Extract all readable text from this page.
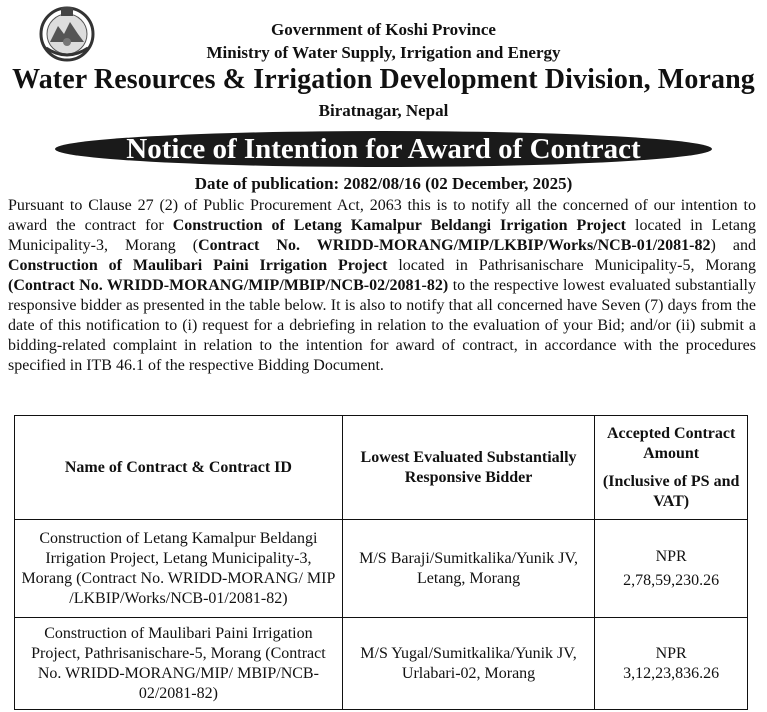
Government of Koshi Province
Ministry of Water Supply, Irrigation and Energy
Water Resources & Irrigation Development Division, Morang
Biratnagar, Nepal
Notice of Intention for Award of Contract
Date of publication: 2082/08/16 (02 December, 2025)

Pursuant to Clause 27 (2) of Public Procurement Act, 2063 this is to notify all the concerned of our intention to award the contract for Construction of Letang Kamalpur Beldangi Irrigation Project located in Letang Municipality-3, Morang (Contract No. WRIDD-MORANG/MIP/LKBIP/Works/NCB-01/2081-82) and Construction of Maulibari Paini Irrigation Project located in Pathrisanischare Municipality-5, Morang (Contract No. WRIDD-MORANG/MIP/MBIP/NCB-02/2081-82) to the respective lowest evaluated substantially responsive bidder as presented in the table below. It is also to notify that all concerned have Seven (7) days from the date of this notification to (i) request for a debriefing in relation to the evaluation of your Bid; and/or (ii) submit a bidding-related complaint in relation to the intention for award of contract, in accordance with the procedures specified in ITB 46.1 of the respective Bidding Document.

Name of Contract & Contract ID	Lowest Evaluated Substantially Responsive Bidder	Accepted Contract Amount
(Inclusive of PS and VAT)

Construction of Letang Kamalpur Beldangi Irrigation Project, Letang Municipality-3, Morang (Contract No. WRIDD-MORANG/ MIP /LKBIP/Works/NCB-01/2081-82)	M/S Baraji/Sumitkalika/Yunik JV, Letang, Morang	NPR
2,78,59,230.26

Construction of Maulibari Paini Irrigation Project, Pathrisanischare-5, Morang (Contract No. WRIDD-MORANG/MIP/ MBIP/NCB-02/2081-82)	M/S Yugal/Sumitkalika/Yunik JV, Urlabari-02, Morang	NPR
3,12,23,836.26
